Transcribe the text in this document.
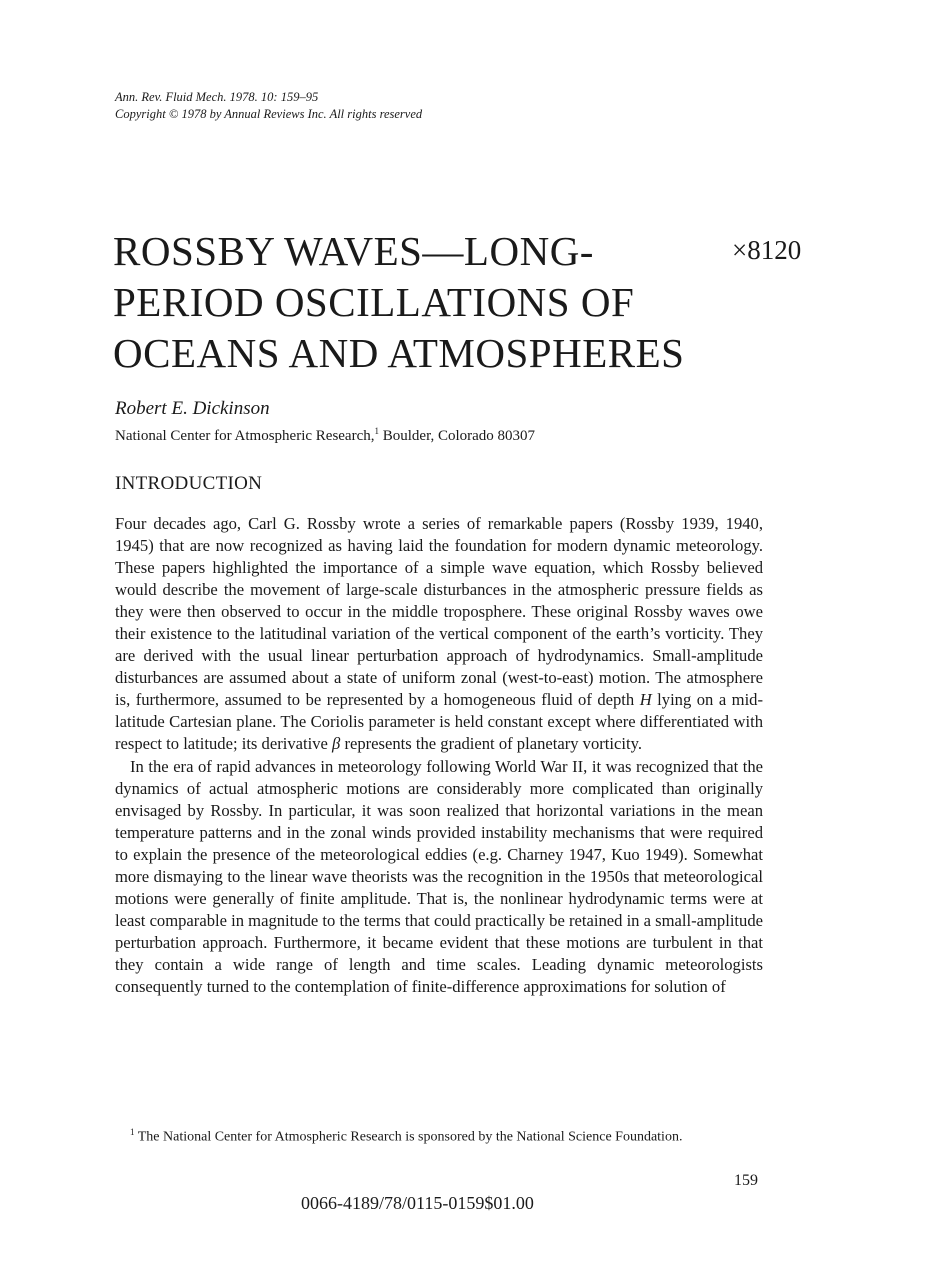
Ann. Rev. Fluid Mech. 1978. 10: 159–95
Copyright © 1978 by Annual Reviews Inc. All rights reserved
ROSSBY WAVES—LONG-
PERIOD OSCILLATIONS OF
OCEANS AND ATMOSPHERES
×8120
Robert E. Dickinson
National Center for Atmospheric Research,$^1$ Boulder, Colorado 80307
INTRODUCTION

Four decades ago, Carl G. Rossby wrote a series of remarkable papers (Rossby 1939, 1940, 1945) that are now recognized as having laid the foundation for modern dynamic meteorology. These papers highlighted the importance of a simple wave equation, which Rossby believed would describe the movement of large-scale disturbances in the atmospheric pressure fields as they were then observed to occur in the middle troposphere. These original Rossby waves owe their existence to the latitudinal variation of the vertical component of the earth’s vorticity. They are derived with the usual linear perturbation approach of hydrodynamics. Small-amplitude disturbances are assumed about a state of uniform zonal (west-to-east) motion. The atmosphere is, furthermore, assumed to be represented by a homogeneous fluid of depth H lying on a mid-latitude Cartesian plane. The Coriolis parameter is held constant except where differentiated with respect to latitude; its derivative β represents the gradient of planetary vorticity.

In the era of rapid advances in meteorology following World War II, it was recognized that the dynamics of actual atmospheric motions are considerably more complicated than originally envisaged by Rossby. In particular, it was soon realized that horizontal variations in the mean temperature patterns and in the zonal winds provided instability mechanisms that were required to explain the presence of the meteorological eddies (e.g. Charney 1947, Kuo 1949). Somewhat more dismaying to the linear wave theorists was the recognition in the 1950s that meteorological motions were generally of finite amplitude. That is, the nonlinear hydrodynamic terms were at least comparable in magnitude to the terms that could practically be retained in a small-amplitude perturbation approach. Furthermore, it became evident that these motions are turbulent in that they contain a wide range of length and time scales. Leading dynamic meteorologists consequently turned to the contemplation of finite-difference approximations for solution of

$^1$ The National Center for Atmospheric Research is sponsored by the National Science Foundation.
159
0066-4189/78/0115-0159$01.00
